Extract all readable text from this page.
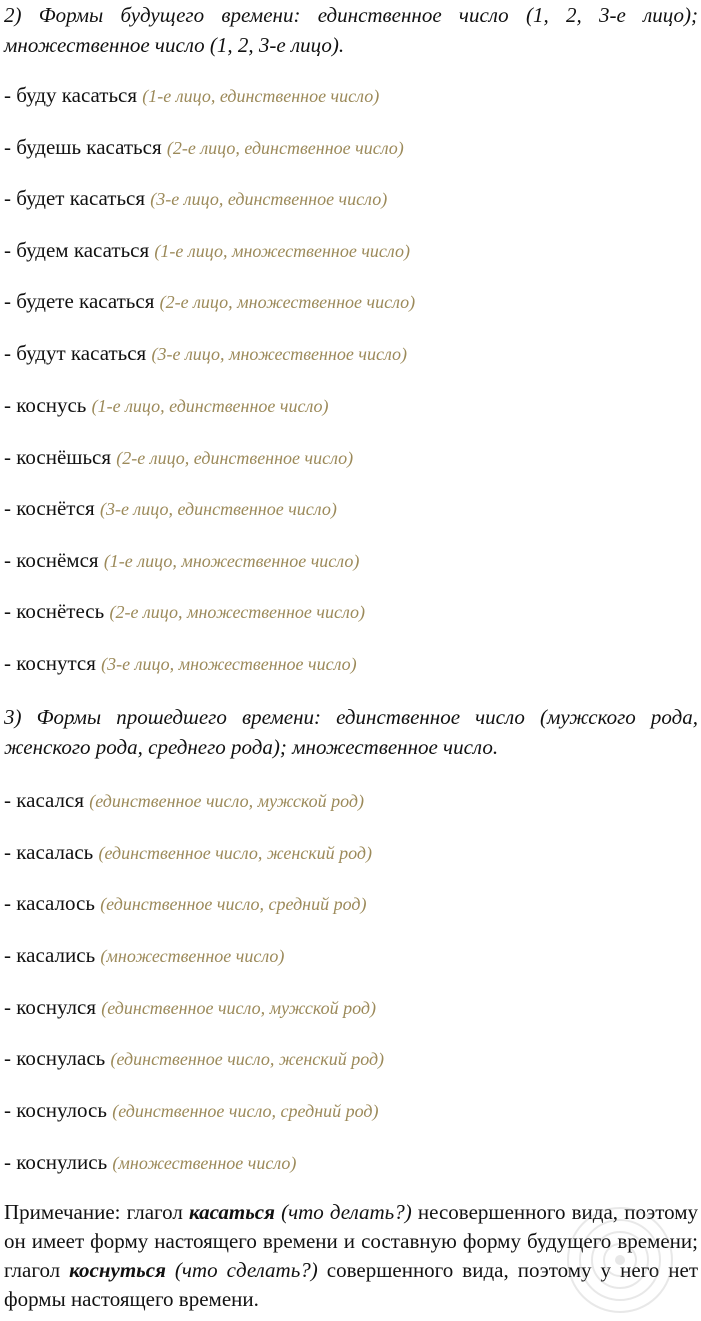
2) Формы будущего времени: единственное число (1, 2, 3-е лицо); множественное число (1, 2, 3-е лицо).

- буду касаться (1-е лицо, единственное число)
- будешь касаться (2-е лицо, единственное число)
- будет касаться (3-е лицо, единственное число)
- будем касаться (1-е лицо, множественное число)
- будете касаться (2-е лицо, множественное число)
- будут касаться (3-е лицо, множественное число)
- коснусь (1-е лицо, единственное число)
- коснёшься (2-е лицо, единственное число)
- коснётся (3-е лицо, единственное число)
- коснёмся (1-е лицо, множественное число)
- коснётесь (2-е лицо, множественное число)
- коснутся (3-е лицо, множественное число)

3) Формы прошедшего времени: единственное число (мужского рода, женского рода, среднего рода); множественное число.

- касался (единственное число, мужской род)
- касалась (единственное число, женский род)
- касалось (единственное число, средний род)
- касались (множественное число)
- коснулся (единственное число, мужской род)
- коснулась (единственное число, женский род)
- коснулось (единственное число, средний род)
- коснулись (множественное число)

Примечание: глагол касаться (что делать?) несовершенного вида, поэтому он имеет форму настоящего времени и составную форму будущего времени; глагол коснуться (что сделать?) совершенного вида, поэтому у него нет формы настоящего времени.
